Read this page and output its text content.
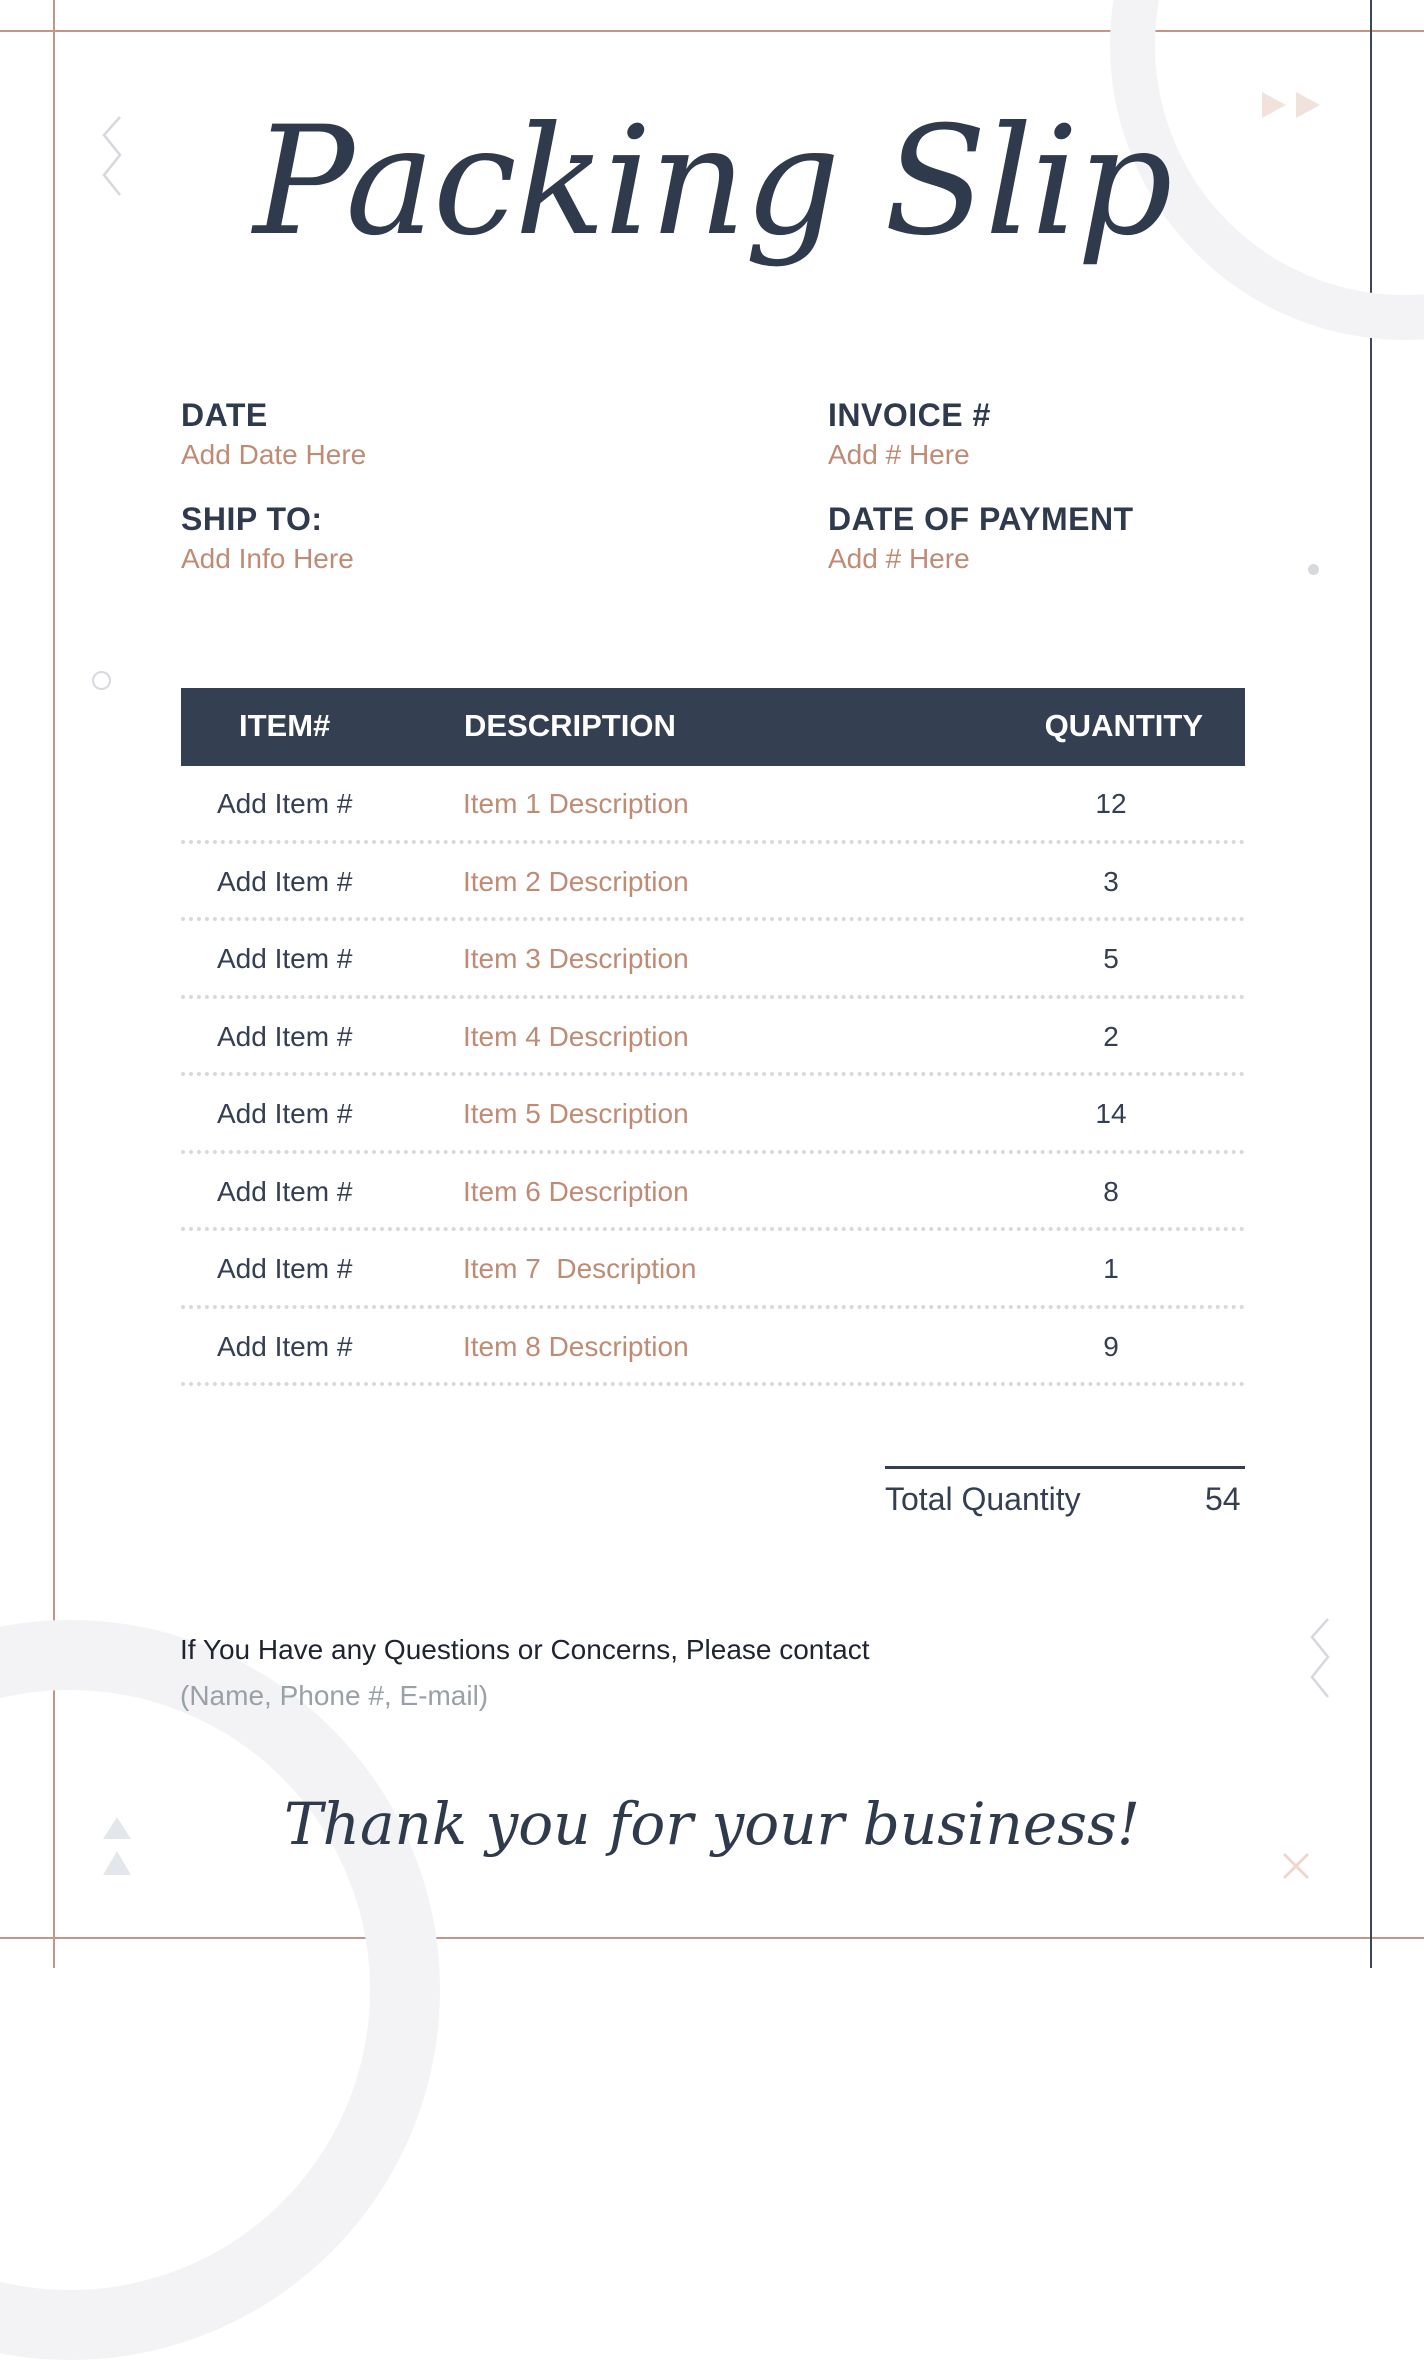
Packing Slip
DATE
Add Date Here
INVOICE #
Add # Here
SHIP TO:
Add Info Here
DATE OF PAYMENT
Add # Here
ITEM#	DESCRIPTION	QUANTITY
Add Item #	Item 1 Description	12
Add Item #	Item 2 Description	3
Add Item #	Item 3 Description	5
Add Item #	Item 4 Description	2
Add Item #	Item 5 Description	14
Add Item #	Item 6 Description	8
Add Item #	Item 7  Description	1
Add Item #	Item 8 Description	9
Total Quantity	54
If You Have any Questions or Concerns, Please contact
(Name, Phone #, E-mail)
Thank you for your business!
